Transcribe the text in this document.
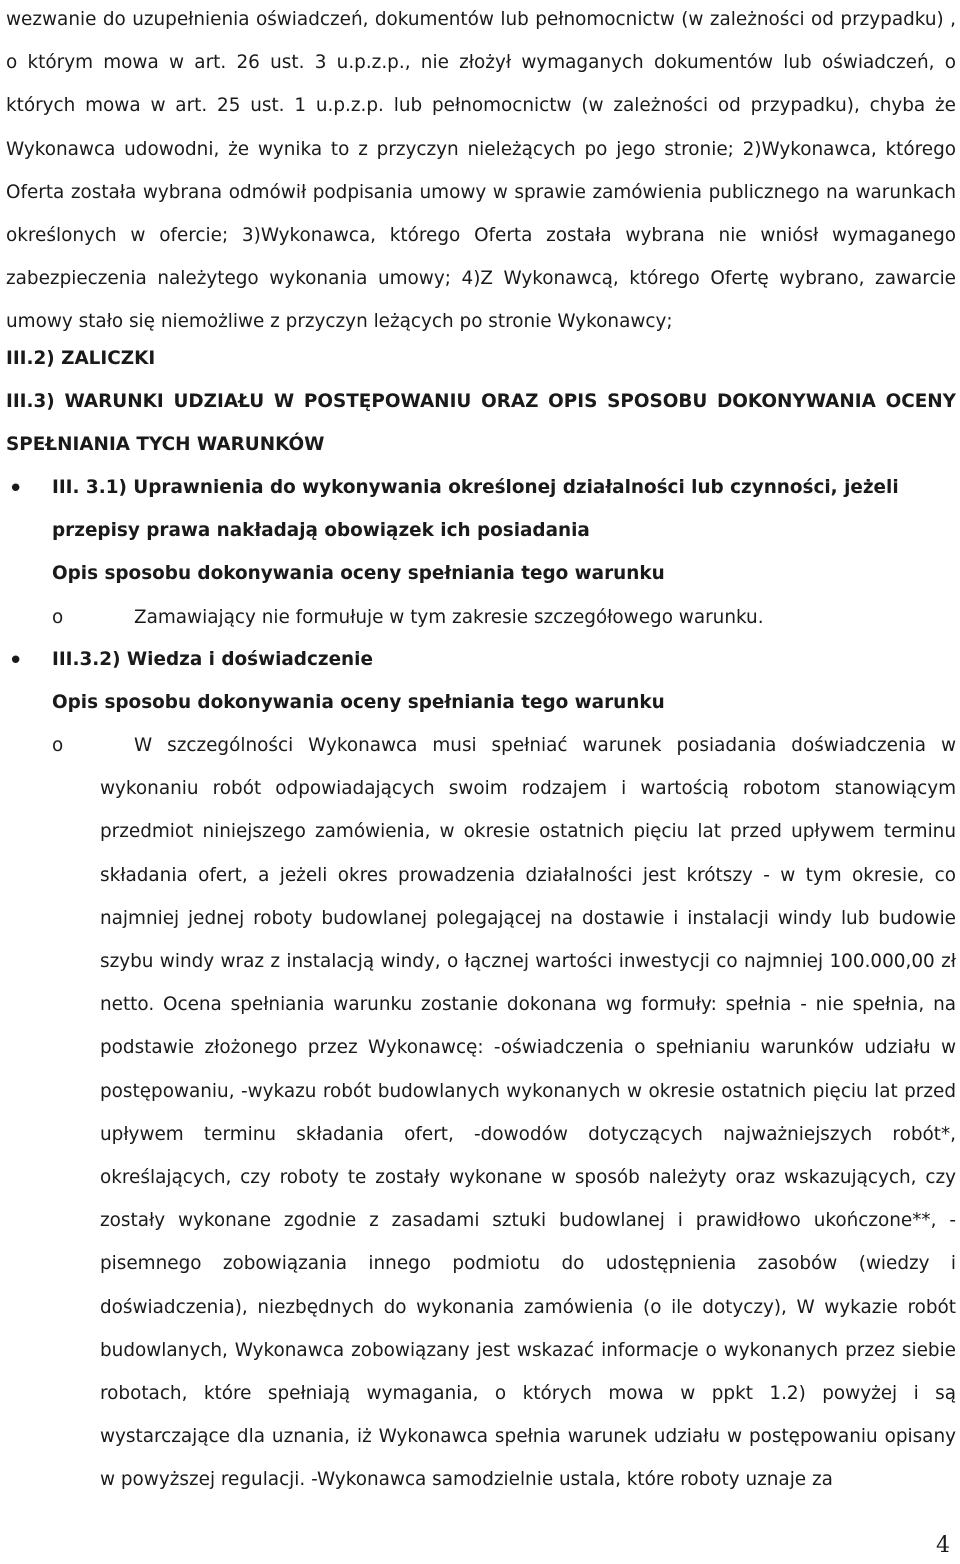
wezwanie do uzupełnienia oświadczeń, dokumentów lub pełnomocnictw (w zależności od przypadku) , o którym mowa w art. 26 ust. 3 u.p.z.p., nie złożył wymaganych dokumentów lub oświadczeń, o których mowa w art. 25 ust. 1 u.p.z.p. lub pełnomocnictw (w zależności od przypadku), chyba że Wykonawca udowodni, że wynika to z przyczyn nieleżących po jego stronie; 2)Wykonawca, którego Oferta została wybrana odmówił podpisania umowy w sprawie zamówienia publicznego na warunkach określonych w ofercie; 3)Wykonawca, którego Oferta została wybrana nie wniósł wymaganego zabezpieczenia należytego wykonania umowy; 4)Z Wykonawcą, którego Ofertę wybrano, zawarcie umowy stało się niemożliwe z przyczyn leżących po stronie Wykonawcy;

III.2) ZALICZKI
III.3) WARUNKI UDZIAŁU W POSTĘPOWANIU ORAZ OPIS SPOSOBU DOKONYWANIA OCENY SPEŁNIANIA TYCH WARUNKÓW
• III. 3.1) Uprawnienia do wykonywania określonej działalności lub czynności, jeżeli przepisy prawa nakładają obowiązek ich posiadania
Opis sposobu dokonywania oceny spełniania tego warunku
o	Zamawiający nie formułuje w tym zakresie szczegółowego warunku.
• III.3.2) Wiedza i doświadczenie
Opis sposobu dokonywania oceny spełniania tego warunku
o	W szczególności Wykonawca musi spełniać warunek posiadania doświadczenia w wykonaniu robót odpowiadających swoim rodzajem i wartością robotom stanowiącym przedmiot niniejszego zamówienia, w okresie ostatnich pięciu lat przed upływem terminu składania ofert, a jeżeli okres prowadzenia działalności jest krótszy - w tym okresie, co najmniej jednej roboty budowlanej polegającej na dostawie i instalacji windy lub budowie szybu windy wraz z instalacją windy, o łącznej wartości inwestycji co najmniej 100.000,00 zł netto. Ocena spełniania warunku zostanie dokonana wg formuły: spełnia - nie spełnia, na podstawie złożonego przez Wykonawcę: -oświadczenia o spełnianiu warunków udziału w postępowaniu, -wykazu robót budowlanych wykonanych w okresie ostatnich pięciu lat przed upływem terminu składania ofert, -dowodów dotyczących najważniejszych robót*, określających, czy roboty te zostały wykonane w sposób należyty oraz wskazujących, czy zostały wykonane zgodnie z zasadami sztuki budowlanej i prawidłowo ukończone**, -pisemnego zobowiązania innego podmiotu do udostępnienia zasobów (wiedzy i doświadczenia), niezbędnych do wykonania zamówienia (o ile dotyczy), W wykazie robót budowlanych, Wykonawca zobowiązany jest wskazać informacje o wykonanych przez siebie robotach, które spełniają wymagania, o których mowa w ppkt 1.2) powyżej i są wystarczające dla uznania, iż Wykonawca spełnia warunek udziału w postępowaniu opisany w powyższej regulacji. -Wykonawca samodzielnie ustala, które roboty uznaje za

4
